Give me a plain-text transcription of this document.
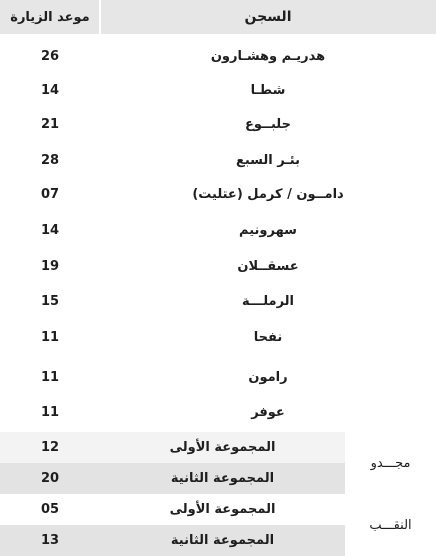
السجن
موعد الزيارة
هدريـم وهشـارون
26
شطـا
14
جلبــوع
21
بئـر السبع
28
دامــون / كرمل (عتليت)
07
سهرونيم
14
عسقــلان
19
الرملـــة
15
نفحا
11
رامون
11
عوفر
11
المجموعة الأولى
12
المجموعة الثانية
20
مجـــدو
المجموعة الأولى
05
المجموعة الثانية
13
النقـــب
